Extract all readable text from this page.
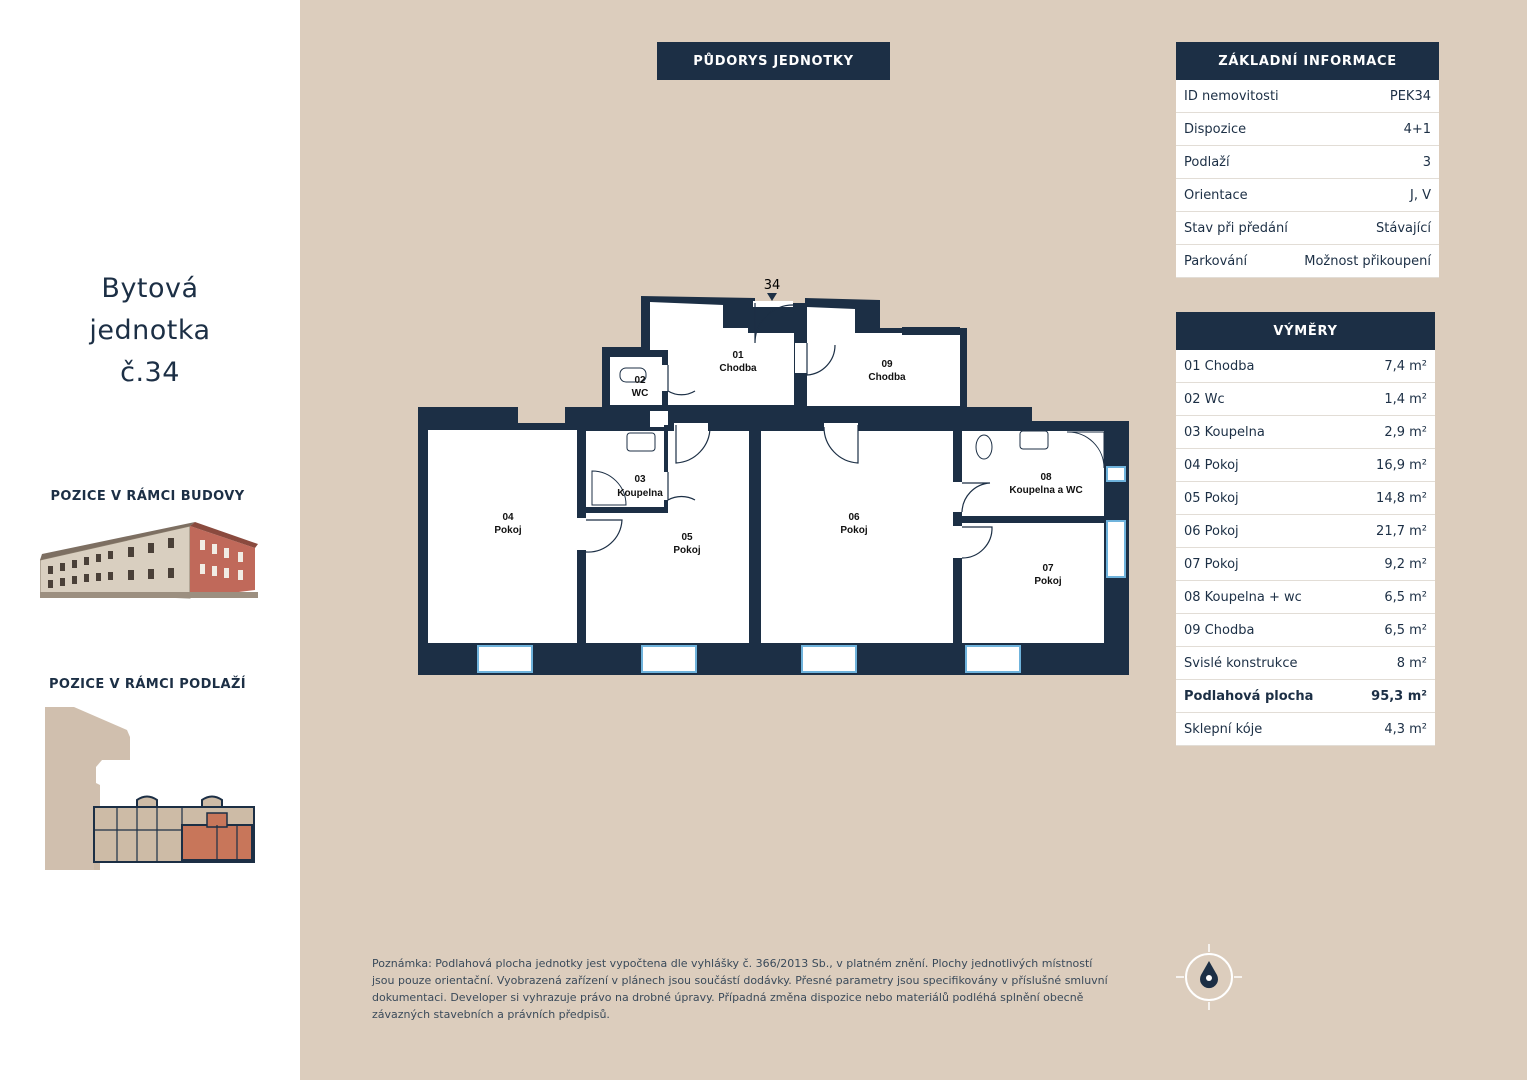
Bytová
jednotka
č.34
POZICE V RÁMCI BUDOVY
POZICE V RÁMCI PODLAŽÍ
PŮDORYS JEDNOTKY
34
01
Chodba
02
WC
03
Koupelna
04
Pokoj
05
Pokoj
06
Pokoj
07
Pokoj
08
Koupelna a WC
09
Chodba
ZÁKLADNÍ INFORMACE
ID nemovitosti	PEK34
Dispozice	4+1
Podlaží	3
Orientace	J, V
Stav při předání	Stávající
Parkování	Možnost přikoupení
VÝMĚRY
01 Chodba	7,4 m²
02 Wc	1,4 m²
03 Koupelna	2,9 m²
04 Pokoj	16,9 m²
05 Pokoj	14,8 m²
06 Pokoj	21,7 m²
07 Pokoj	9,2 m²
08 Koupelna + wc	6,5 m²
09 Chodba	6,5 m²
Svislé konstrukce	8 m²
Podlahová plocha	95,3 m²
Sklepní kóje	4,3 m²
Poznámka: Podlahová plocha jednotky jest vypočtena dle vyhlášky č. 366/2013 Sb., v platném znění. Plochy jednotlivých místností jsou pouze orientační. Vyobrazená zařízení v plánech jsou součástí dodávky. Přesné parametry jsou specifikovány v příslušné smluvní dokumentaci. Developer si vyhrazuje právo na drobné úpravy. Případná změna dispozice nebo materiálů podléhá splnění obecně závazných stavebních a právních předpisů.
